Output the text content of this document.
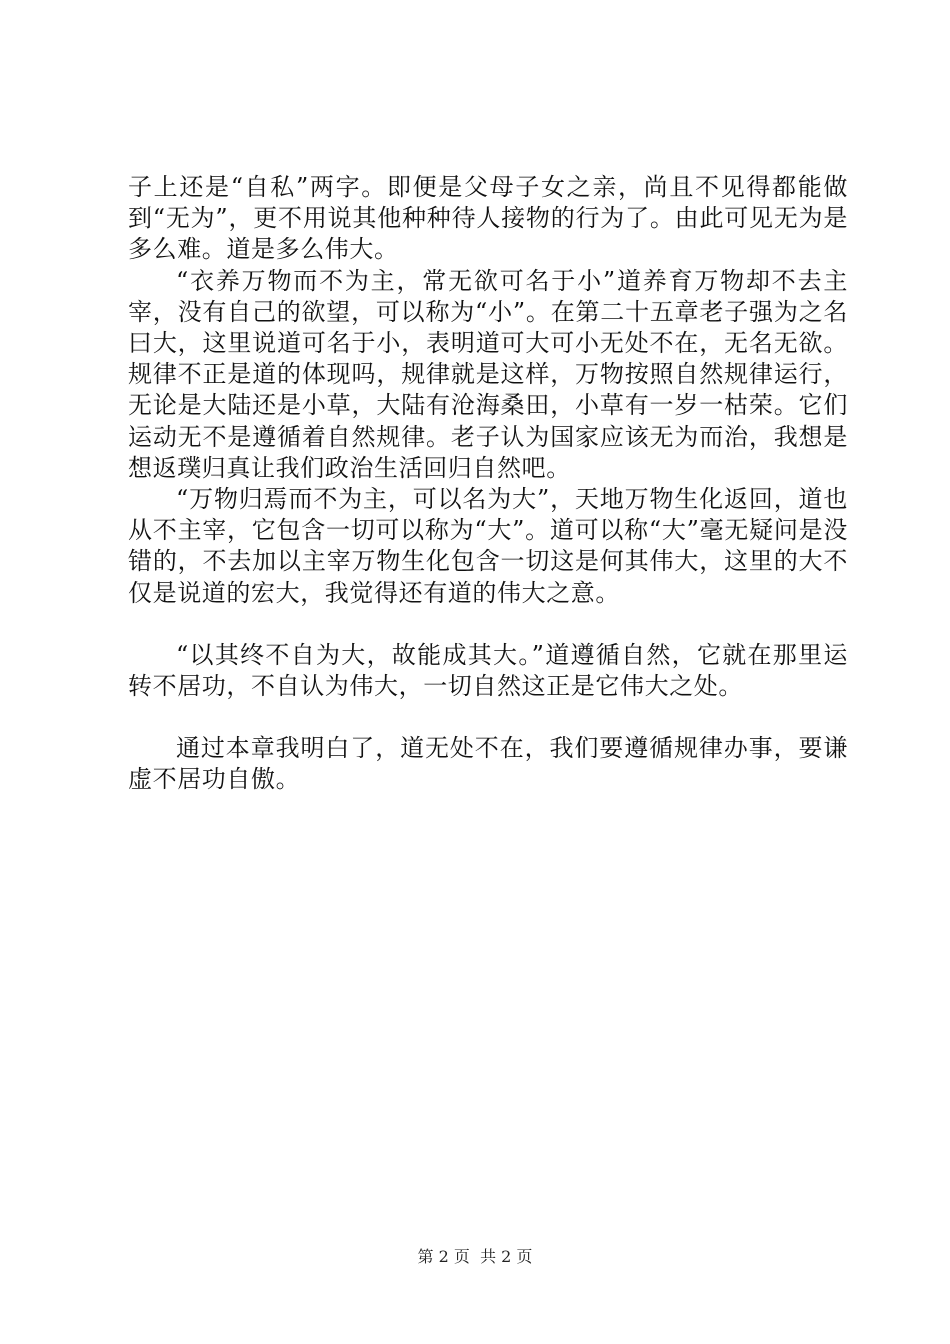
子上还是“自私”两字。即便是父母子女之亲，尚且不见得都能做到“无为”，更不用说其他种种待人接物的行为了。由此可见无为是多么难。道是多么伟大。

“衣养万物而不为主，常无欲可名于小”道养育万物却不去主宰，没有自己的欲望，可以称为“小”。在第二十五章老子强为之名曰大，这里说道可名于小，表明道可大可小无处不在，无名无欲。规律不正是道的体现吗，规律就是这样，万物按照自然规律运行，无论是大陆还是小草，大陆有沧海桑田，小草有一岁一枯荣。它们运动无不是遵循着自然规律。老子认为国家应该无为而治，我想是想返璞归真让我们政治生活回归自然吧。

“万物归焉而不为主，可以名为大”，天地万物生化返回，道也从不主宰，它包含一切可以称为“大”。道可以称“大”毫无疑问是没错的，不去加以主宰万物生化包含一切这是何其伟大，这里的大不仅是说道的宏大，我觉得还有道的伟大之意。

“以其终不自为大，故能成其大。”道遵循自然，它就在那里运转不居功，不自认为伟大，一切自然这正是它伟大之处。

通过本章我明白了，道无处不在，我们要遵循规律办事，要谦虚不居功自傲。

第 2 页  共 2 页
